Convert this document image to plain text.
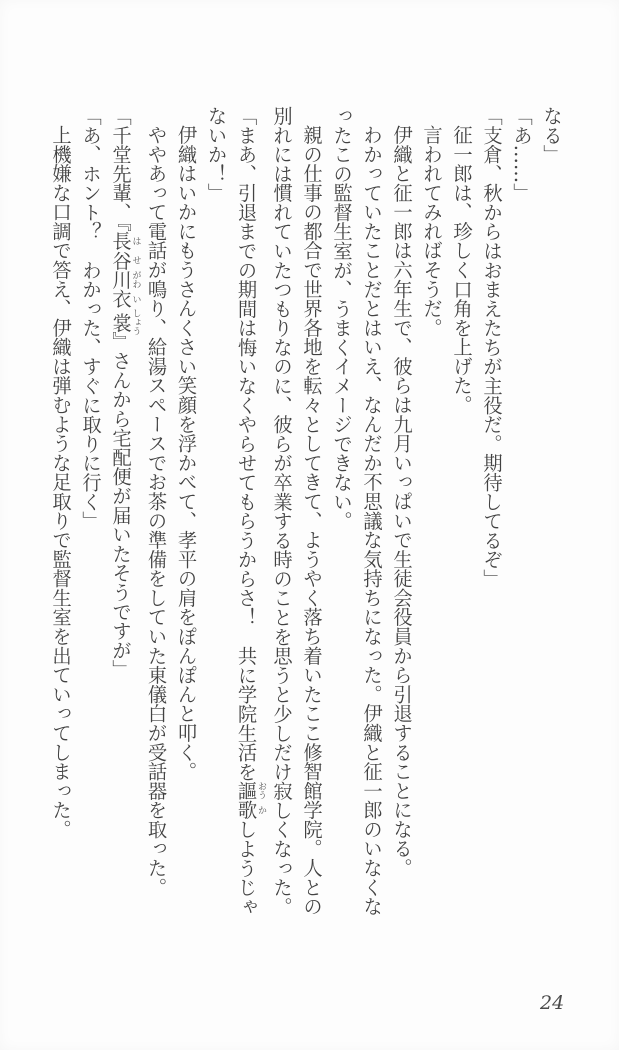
なる」

「あ……」

「支倉、秋からはおまえたちが主役だ。期待してるぞ」

征一郎は、珍しく口角を上げた。

言われてみればそうだ。

伊織と征一郎は六年生で、彼らは九月いっぱいで生徒会役員から引退することになる。

わかっていたことだとはいえ、なんだか不思議な気持ちになった。伊織と征一郎のいなくなったこの監督生室が、うまくイメージできない。

親の仕事の都合で世界各地を転々としてきて、ようやく落ち着いたここ修智館学院。人との別れには慣れていたつもりなのに、彼らが卒業する時のことを思うと少しだけ寂しくなった。

「まあ、引退までの期間は悔いなくやらせてもらうからさ！　共に学院生活を謳おう歌かしようじゃないか！」

伊織はいかにもうさんくさい笑顔を浮かべて、孝平の肩をぽんぽんと叩く。

ややあって電話が鳴り、給湯スペースでお茶の準備をしていた東儀白が受話器を取った。

「千堂先輩、『長は谷せ川がわ衣い裳しょう』さんから宅配便が届いたそうですが」

「あ、ホント？　わかった、すぐに取りに行く」

上機嫌な口調で答え、伊織は弾むような足取りで監督生室を出ていってしまった。

24
